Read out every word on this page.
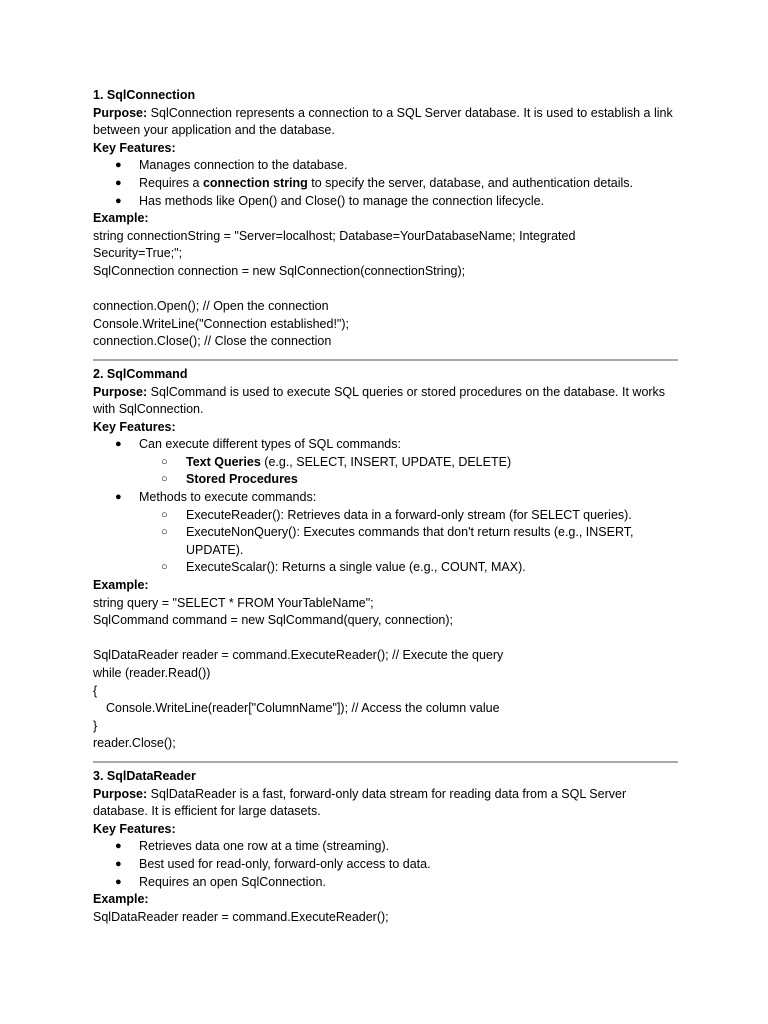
1. SqlConnection
Purpose: SqlConnection represents a connection to a SQL Server database. It is used to establish a link between your application and the database.
Key Features:
● Manages connection to the database.
● Requires a connection string to specify the server, database, and authentication details.
● Has methods like Open() and Close() to manage the connection lifecycle.
Example:
string connectionString = "Server=localhost; Database=YourDatabaseName; Integrated
Security=True;";
SqlConnection connection = new SqlConnection(connectionString);
connection.Open(); // Open the connection
Console.WriteLine("Connection established!");
connection.Close(); // Close the connection
2. SqlCommand
Purpose: SqlCommand is used to execute SQL queries or stored procedures on the database. It works with SqlConnection.
Key Features:
● Can execute different types of SQL commands:
○ Text Queries (e.g., SELECT, INSERT, UPDATE, DELETE)
○ Stored Procedures
● Methods to execute commands:
○ ExecuteReader(): Retrieves data in a forward-only stream (for SELECT queries).
○ ExecuteNonQuery(): Executes commands that don't return results (e.g., INSERT, UPDATE).
○ ExecuteScalar(): Returns a single value (e.g., COUNT, MAX).
Example:
string query = "SELECT * FROM YourTableName";
SqlCommand command = new SqlCommand(query, connection);
SqlDataReader reader = command.ExecuteReader(); // Execute the query
while (reader.Read())
{
Console.WriteLine(reader["ColumnName"]); // Access the column value
}
reader.Close();
3. SqlDataReader
Purpose: SqlDataReader is a fast, forward-only data stream for reading data from a SQL Server database. It is efficient for large datasets.
Key Features:
● Retrieves data one row at a time (streaming).
● Best used for read-only, forward-only access to data.
● Requires an open SqlConnection.
Example:
SqlDataReader reader = command.ExecuteReader();
